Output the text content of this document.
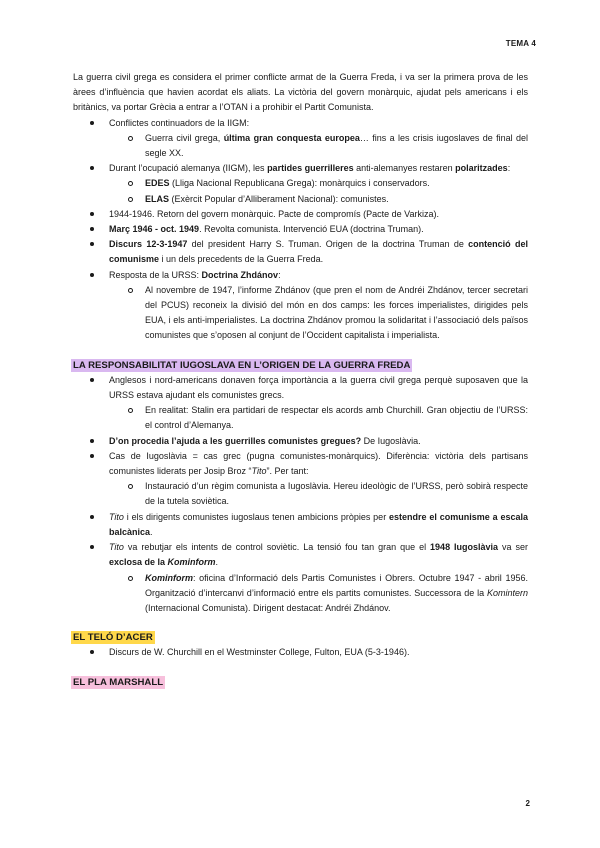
TEMA 4

La guerra civil grega es considera el primer conflicte armat de la Guerra Freda, i va ser la primera prova de les àrees d’influència que havien acordat els aliats. La victòria del govern monàrquic, ajudat pels americans i els britànics, va portar Grècia a entrar a l’OTAN i a prohibir el Partit Comunista.

Conflictes continuadors de la IIGM:
Guerra civil grega, última gran conquesta europea… fins a les crisis iugoslaves de final del segle XX.
Durant l’ocupació alemanya (IIGM), les partides guerrilleres anti-alemanyes restaren polaritzades:
EDES (Lliga Nacional Republicana Grega): monàrquics i conservadors.
ELAS (Exèrcit Popular d’Alliberament Nacional): comunistes.
1944-1946. Retorn del govern monàrquic. Pacte de compromís (Pacte de Varkiza).
Març 1946 - oct. 1949. Revolta comunista. Intervenció EUA (doctrina Truman).
Discurs 12-3-1947 del president Harry S. Truman. Origen de la doctrina Truman de contenció del comunisme i un dels precedents de la Guerra Freda.
Resposta de la URSS: Doctrina Zhdánov:
Al novembre de 1947, l’informe Zhdánov (que pren el nom de Andréi Zhdánov, tercer secretari del PCUS) reconeix la divisió del món en dos camps: les forces imperialistes, dirigides pels EUA, i els anti-imperialistes. La doctrina Zhdánov promou la solidaritat i l’associació dels països comunistes que s’oposen al conjunt de l’Occident capitalista i imperialista.
LA RESPONSABILITAT IUGOSLAVA EN L’ORIGEN DE LA GUERRA FREDA
Anglesos i nord-americans donaven força importància a la guerra civil grega perquè suposaven que la URSS estava ajudant els comunistes grecs.
En realitat: Stalin era partidari de respectar els acords amb Churchill. Gran objectiu de l’URSS: el control d’Alemanya.
D’on procedia l’ajuda a les guerrilles comunistes gregues? De Iugoslàvia.
Cas de Iugoslàvia = cas grec (pugna comunistes-monàrquics). Diferència: victòria dels partisans comunistes liderats per Josip Broz “Tito”. Per tant:
Instauració d’un règim comunista a Iugoslàvia. Hereu ideològic de l’URSS, però sobirà respecte de la tutela soviètica.
Tito i els dirigents comunistes iugoslaus tenen ambicions pròpies per estendre el comunisme a escala balcànica.
Tito va rebutjar els intents de control soviètic. La tensió fou tan gran que el 1948 Iugoslàvia va ser exclosa de la Kominform.
Kominform: oficina d’Informació dels Partis Comunistes i Obrers. Octubre 1947 - abril 1956. Organització d’intercanvi d’informació entre els partits comunistes. Successora de la Komintern (Internacional Comunista). Dirigent destacat: Andréi Zhdánov.
EL TELÓ D’ACER
Discurs de W. Churchill en el Westminster College, Fulton, EUA (5-3-1946).
EL PLA MARSHALL
2
